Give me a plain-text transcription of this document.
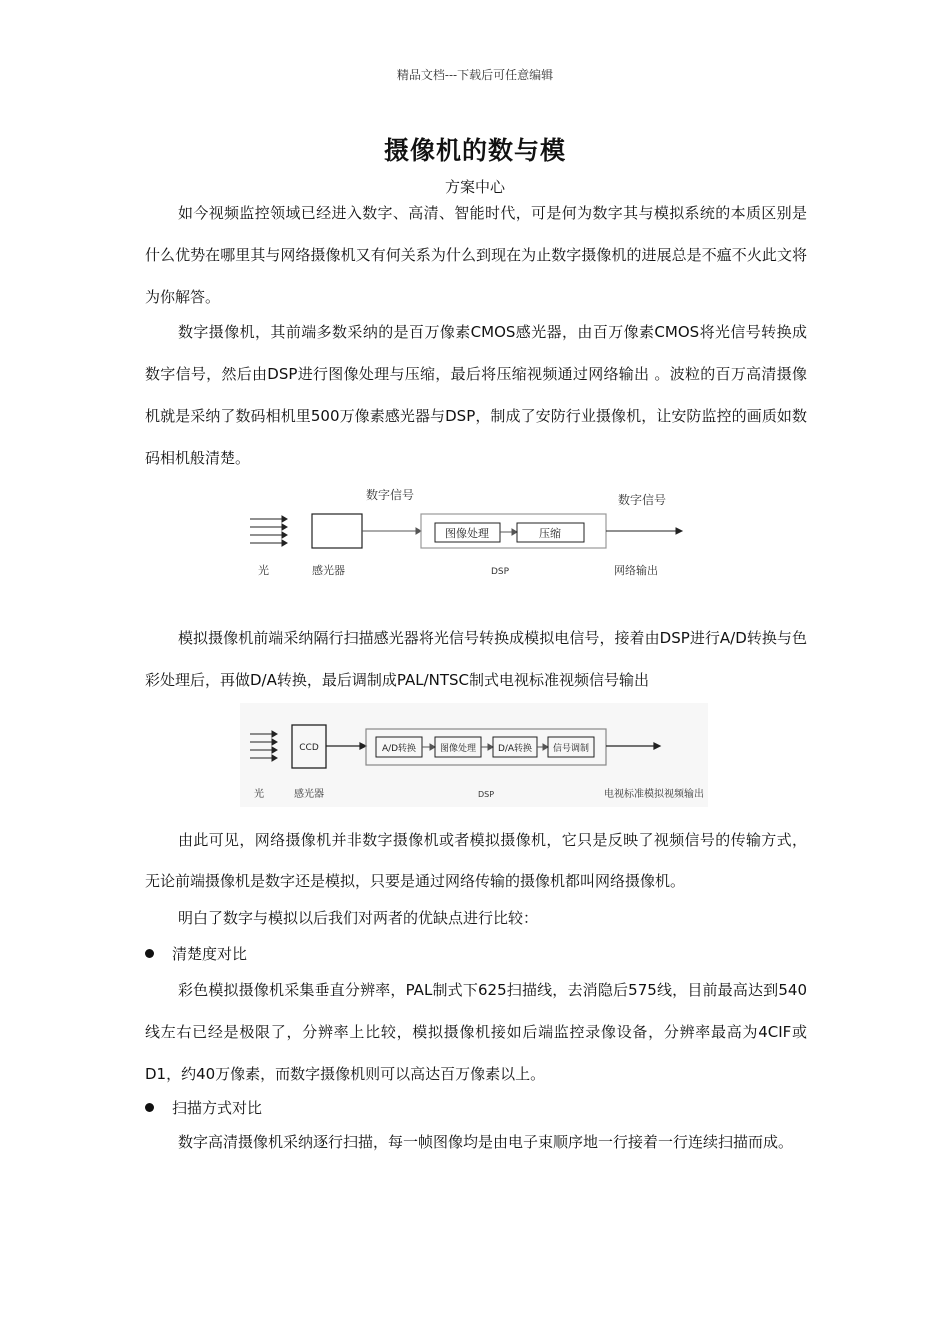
精品文档---下载后可任意编辑
摄像机的数与模
方案中心

如今视频监控领域已经进入数字、高清、智能时代，可是何为数字其与模拟系统的本质区别是什么优势在哪里其与网络摄像机又有何关系为什么到现在为止数字摄像机的进展总是不瘟不火此文将为你解答。

数字摄像机，其前端多数采纳的是百万像素CMOS感光器，由百万像素CMOS将光信号转换成数字信号，然后由DSP进行图像处理与压缩，最后将压缩视频通过网络输出 。波粒的百万高清摄像机就是采纳了数码相机里500万像素感光器与DSP，制成了安防行业摄像机，让安防监控的画质如数码相机般清楚。

数字信号
图像处理	压缩
数字信号
光	感光器	DSP	网络输出

模拟摄像机前端采纳隔行扫描感光器将光信号转换成模拟电信号，接着由DSP进行A/D转换与色彩处理后，再做D/A转换，最后调制成PAL/NTSC制式电视标准视频信号输出

CCD	A/D转换	图像处理 D/A转换 信号调制
光	感光器	DSP	电视标准模拟视频输出

由此可见，网络摄像机并非数字摄像机或者模拟摄像机，它只是反映了视频信号的传输方式，无论前端摄像机是数字还是模拟，只要是通过网络传输的摄像机都叫网络摄像机。

明白了数字与模拟以后我们对两者的优缺点进行比较：

清楚度对比

彩色模拟摄像机采集垂直分辨率，PAL制式下625扫描线，去消隐后575线，目前最高达到540线左右已经是极限了，分辨率上比较，模拟摄像机接如后端监控录像设备，分辨率最高为4CIF或D1，约40万像素，而数字摄像机则可以高达百万像素以上。

扫描方式对比

数字高清摄像机采纳逐行扫描，每一帧图像均是由电子束顺序地一行接着一行连续扫描而成。
